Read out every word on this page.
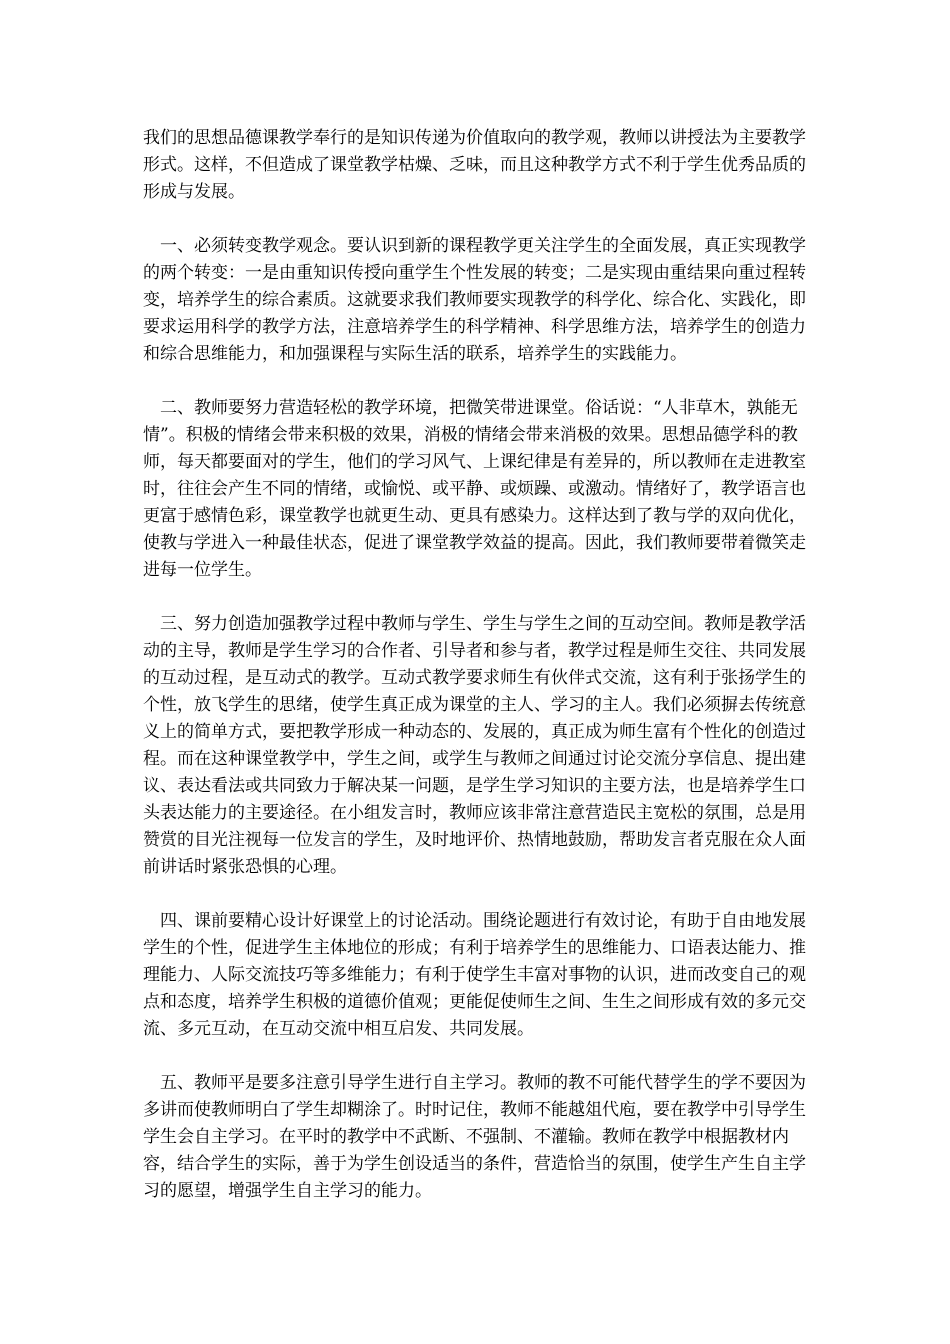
我们的思想品德课教学奉行的是知识传递为价值取向的教学观，教师以讲授法为主要教学形式。这样，不但造成了课堂教学枯燥、乏味，而且这种教学方式不利于学生优秀品质的形成与发展。

　一、必须转变教学观念。要认识到新的课程教学更关注学生的全面发展，真正实现教学的两个转变：一是由重知识传授向重学生个性发展的转变；二是实现由重结果向重过程转变，培养学生的综合素质。这就要求我们教师要实现教学的科学化、综合化、实践化，即要求运用科学的教学方法，注意培养学生的科学精神、科学思维方法，培养学生的创造力和综合思维能力，和加强课程与实际生活的联系，培养学生的实践能力。

　二、教师要努力营造轻松的教学环境，把微笑带进课堂。俗话说：“人非草木，孰能无情”。积极的情绪会带来积极的效果，消极的情绪会带来消极的效果。思想品德学科的教师，每天都要面对的学生，他们的学习风气、上课纪律是有差异的，所以教师在走进教室时，往往会产生不同的情绪，或愉悦、或平静、或烦躁、或激动。情绪好了，教学语言也更富于感情色彩，课堂教学也就更生动、更具有感染力。这样达到了教与学的双向优化，使教与学进入一种最佳状态，促进了课堂教学效益的提高。因此，我们教师要带着微笑走进每一位学生。

　三、努力创造加强教学过程中教师与学生、学生与学生之间的互动空间。教师是教学活动的主导，教师是学生学习的合作者、引导者和参与者，教学过程是师生交往、共同发展的互动过程，是互动式的教学。互动式教学要求师生有伙伴式交流，这有利于张扬学生的个性，放飞学生的思绪，使学生真正成为课堂的主人、学习的主人。我们必须摒去传统意义上的简单方式，要把教学形成一种动态的、发展的，真正成为师生富有个性化的创造过程。而在这种课堂教学中，学生之间，或学生与教师之间通过讨论交流分享信息、提出建议、表达看法或共同致力于解决某一问题，是学生学习知识的主要方法，也是培养学生口头表达能力的主要途径。在小组发言时，教师应该非常注意营造民主宽松的氛围，总是用赞赏的目光注视每一位发言的学生，及时地评价、热情地鼓励，帮助发言者克服在众人面前讲话时紧张恐惧的心理。

　四、课前要精心设计好课堂上的讨论活动。围绕论题进行有效讨论，有助于自由地发展学生的个性，促进学生主体地位的形成；有利于培养学生的思维能力、口语表达能力、推理能力、人际交流技巧等多维能力；有利于使学生丰富对事物的认识，进而改变自己的观点和态度，培养学生积极的道德价值观；更能促使师生之间、生生之间形成有效的多元交流、多元互动，在互动交流中相互启发、共同发展。

　五、教师平是要多注意引导学生进行自主学习。教师的教不可能代替学生的学不要因为多讲而使教师明白了学生却糊涂了。时时记住，教师不能越俎代庖，要在教学中引导学生学生会自主学习。在平时的教学中不武断、不强制、不灌输。教师在教学中根据教材内容，结合学生的实际，善于为学生创设适当的条件，营造恰当的氛围，使学生产生自主学习的愿望，增强学生自主学习的能力。
